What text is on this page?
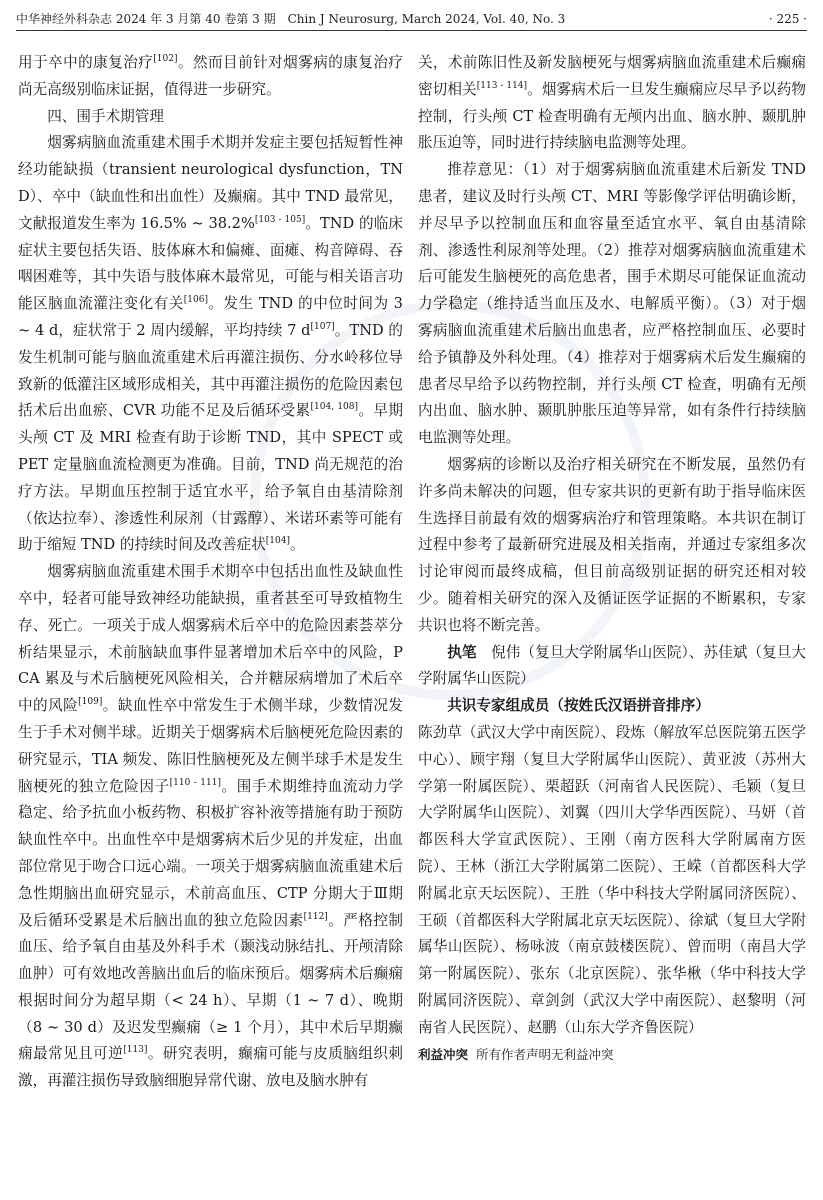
中华神经外科杂志 2024 年 3 月第 40 卷第 3 期　Chin J Neurosurg, March 2024, Vol. 40, No. 3	· 225 ·

用于卒中的康复治疗[102]。然而目前针对烟雾病的康复治疗尚无高级别临床证据，值得进一步研究。

四、围手术期管理

烟雾病脑血流重建术围手术期并发症主要包括短暂性神经功能缺损（transient neurological dysfunction，TND）、卒中（缺血性和出血性）及癫痫。其中 TND 最常见，文献报道发生率为 16.5% ~ 38.2%[103 - 105]。TND 的临床症状主要包括失语、肢体麻木和偏瘫、面瘫、构音障碍、吞咽困难等，其中失语与肢体麻木最常见，可能与相关语言功能区脑血流灌注变化有关[106]。发生 TND 的中位时间为 3 ~ 4 d，症状常于 2 周内缓解，平均持续 7 d[107]。TND 的发生机制可能与脑血流重建术后再灌注损伤、分水岭移位导致新的低灌注区域形成相关，其中再灌注损伤的危险因素包括术后出血瘀、CVR 功能不足及后循环受累[104, 108]。早期头颅 CT 及 MRI 检查有助于诊断 TND，其中 SPECT 或 PET 定量脑血流检测更为准确。目前，TND 尚无规范的治疗方法。早期血压控制于适宜水平，给予氧自由基清除剂（依达拉奉）、渗透性利尿剂（甘露醇）、米诺环素等可能有助于缩短 TND 的持续时间及改善症状[104]。

烟雾病脑血流重建术围手术期卒中包括出血性及缺血性卒中，轻者可能导致神经功能缺损，重者甚至可导致植物生存、死亡。一项关于成人烟雾病术后卒中的危险因素荟萃分析结果显示，术前脑缺血事件显著增加术后卒中的风险，PCA 累及与术后脑梗死风险相关，合并糖尿病增加了术后卒中的风险[109]。缺血性卒中常发生于术侧半球，少数情况发生于手术对侧半球。近期关于烟雾病术后脑梗死危险因素的研究显示，TIA 频发、陈旧性脑梗死及左侧半球手术是发生脑梗死的独立危险因子[110 - 111]。围手术期维持血流动力学稳定、给予抗血小板药物、积极扩容补液等措施有助于预防缺血性卒中。出血性卒中是烟雾病术后少见的并发症，出血部位常见于吻合口远心端。一项关于烟雾病脑血流重建术后急性期脑出血研究显示，术前高血压、CTP 分期大于Ⅲ期及后循环受累是术后脑出血的独立危险因素[112]。严格控制血压、给予氧自由基及外科手术（颞浅动脉结扎、开颅清除血肿）可有效地改善脑出血后的临床预后。烟雾病术后癫痫根据时间分为超早期（< 24 h）、早期（1 ~ 7 d）、晚期（8 ~ 30 d）及迟发型癫痫（≥ 1 个月），其中术后早期癫痫最常见且可逆[113]。研究表明，癫痫可能与皮质脑组织刺激，再灌注损伤导致脑细胞异常代谢、放电及脑水肿有

关，术前陈旧性及新发脑梗死与烟雾病脑血流重建术后癫痫密切相关[113 - 114]。烟雾病术后一旦发生癫痫应尽早予以药物控制，行头颅 CT 检查明确有无颅内出血、脑水肿、颞肌肿胀压迫等，同时进行持续脑电监测等处理。

推荐意见：（1）对于烟雾病脑血流重建术后新发 TND 患者，建议及时行头颅 CT、MRI 等影像学评估明确诊断，并尽早予以控制血压和血容量至适宜水平、氧自由基清除剂、渗透性利尿剂等处理。（2）推荐对烟雾病脑血流重建术后可能发生脑梗死的高危患者，围手术期尽可能保证血流动力学稳定（维持适当血压及水、电解质平衡）。（3）对于烟雾病脑血流重建术后脑出血患者，应严格控制血压、必要时给予镇静及外科处理。（4）推荐对于烟雾病术后发生癫痫的患者尽早给予以药物控制，并行头颅 CT 检查，明确有无颅内出血、脑水肿、颞肌肿胀压迫等异常，如有条件行持续脑电监测等处理。

烟雾病的诊断以及治疗相关研究在不断发展，虽然仍有许多尚未解决的问题，但专家共识的更新有助于指导临床医生选择目前最有效的烟雾病治疗和管理策略。本共识在制订过程中参考了最新研究进展及相关指南，并通过专家组多次讨论审阅而最终成稿，但目前高级别证据的研究还相对较少。随着相关研究的深入及循证医学证据的不断累积，专家共识也将不断完善。

执笔　 倪伟（复旦大学附属华山医院）、苏佳斌（复旦大学附属华山医院）

共识专家组成员（按姓氏汉语拼音排序）

陈劲草（武汉大学中南医院）、段炼（解放军总医院第五医学中心）、顾宇翔（复旦大学附属华山医院）、黄亚波（苏州大学第一附属医院）、栗超跃（河南省人民医院）、毛颖（复旦大学附属华山医院）、刘翼（四川大学华西医院）、马妍（首都医科大学宣武医院）、王刚（南方医科大学附属南方医院）、王林（浙江大学附属第二医院）、王嵘（首都医科大学附属北京天坛医院）、王胜（华中科技大学附属同济医院）、王硕（首都医科大学附属北京天坛医院）、徐斌（复旦大学附属华山医院）、杨咏波（南京鼓楼医院）、曾而明（南昌大学第一附属医院）、张东（北京医院）、张华楸（华中科技大学附属同济医院）、章剑剑（武汉大学中南医院）、赵黎明（河南省人民医院）、赵鹏（山东大学齐鲁医院）

利益冲突 所有作者声明无利益冲突
